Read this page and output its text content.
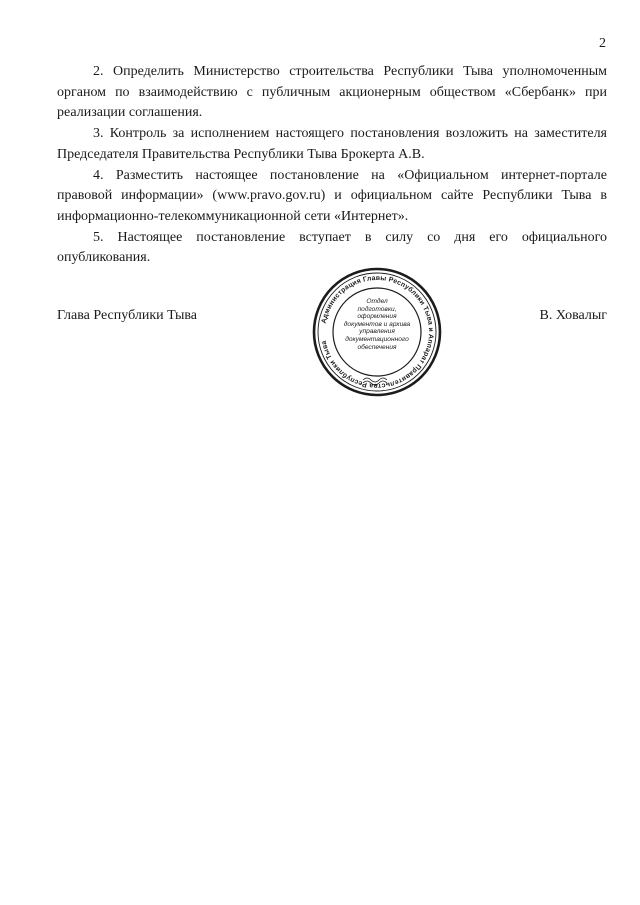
2

2. Определить Министерство строительства Республики Тыва уполномоченным органом по взаимодействию с публичным акционерным обществом «Сбербанк» при реализации соглашения.

3. Контроль за исполнением настоящего постановления возложить на заместителя Председателя Правительства Республики Тыва Брокерта А.В.

4. Разместить настоящее постановление на «Официальном интернет-портале правовой информации» (www.pravo.gov.ru) и официальном сайте Республики Тыва в информационно-телекоммуникационной сети «Интернет».

5. Настоящее постановление вступает в силу со дня его официального опубликования.

Глава Республики Тыва	В. Ховалыг
Администрация Главы Республики Тыва и Аппарат Правительства Республики Тыва
Отдел
подготовки,
оформления
документов и архива
управления
документационного
обеспечения
